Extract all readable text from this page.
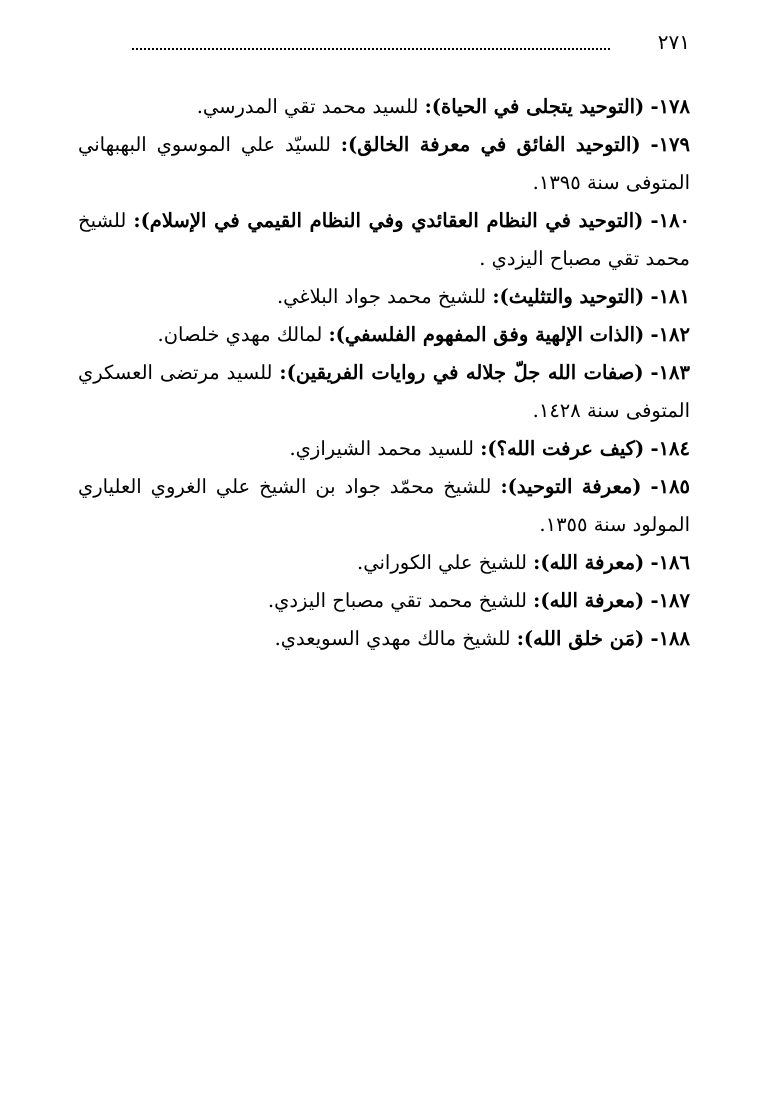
٢٧١

١٧٨- (التوحيد يتجلى في الحياة): للسيد محمد تقي المدرسي.

١٧٩- (التوحيد الفائق في معرفة الخالق): للسيّد علي الموسوي البهبهاني المتوفى سنة ١٣٩٥.

١٨٠- (التوحيد في النظام العقائدي وفي النظام القيمي في الإسلام): للشيخ محمد تقي مصباح اليزدي .

١٨١- (التوحيد والتثليث): للشيخ محمد جواد البلاغي.

١٨٢- (الذات الإلهية وفق المفهوم الفلسفي): لمالك مهدي خلصان.

١٨٣- (صفات الله جلّ جلاله في روايات الفريقين): للسيد مرتضى العسكري المتوفى سنة ١٤٢٨.

١٨٤- (كيف عرفت الله؟): للسيد محمد الشيرازي.

١٨٥- (معرفة التوحيد): للشيخ محمّد جواد بن الشيخ علي الغروي العلياري المولود سنة ١٣٥٥.

١٨٦- (معرفة الله): للشيخ علي الكوراني.

١٨٧- (معرفة الله): للشيخ محمد تقي مصباح اليزدي.

١٨٨- (مَن خلق الله): للشيخ مالك مهدي السويعدي.
